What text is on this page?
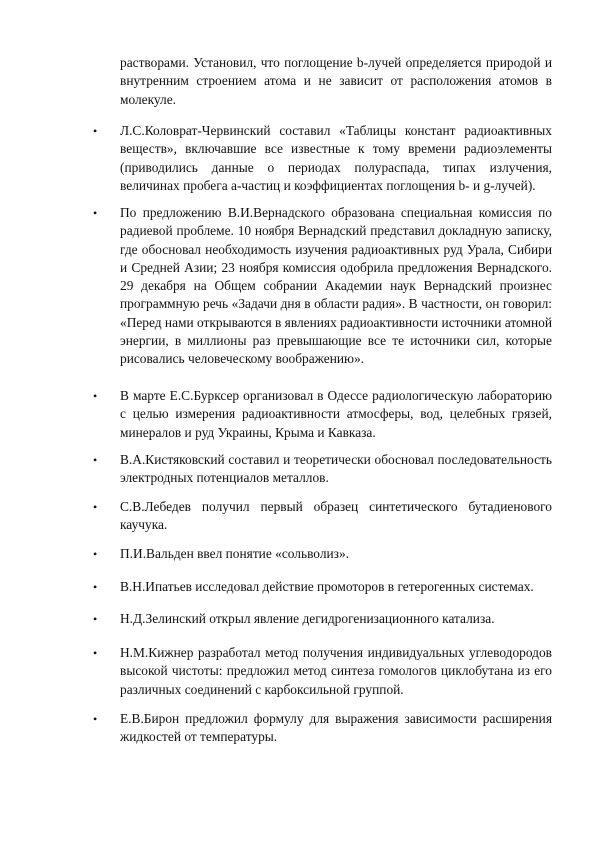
растворами. Установил, что поглощение b-лучей определяется природой и внутренним строением атома и не зависит от расположения атомов в молекуле.
•	Л.С.Коловрат-Червинский составил «Таблицы констант радиоактивных веществ», включавшие все известные к тому времени радиоэлементы (приводились данные о периодах полураспада, типах излучения, величинах пробега а-частиц и коэффициентах поглощения b- и g-лучей).
•	По предложению В.И.Вернадского образована специальная комиссия по радиевой проблеме. 10 ноября Вернадский представил докладную записку, где обосновал необходимость изучения радиоактивных руд Урала, Сибири и Средней Азии; 23 ноября комиссия одобрила предложения Вернадского. 29 декабря на Общем собрании Академии наук Вернадский произнес программную речь «Задачи дня в области радия». В частности, он говорил: «Перед нами открываются в явлениях радиоактивности источники атомной энергии, в миллионы раз превышающие все те источники сил, которые рисовались человеческому воображению».
•	В марте Е.С.Бурксер организовал в Одессе радиологическую лабораторию с целью измерения радиоактивности атмосферы, вод, целебных грязей, минералов и руд Украины, Крыма и Кавказа.
•	В.А.Кистяковский составил и теоретически обосновал последовательность электродных потенциалов металлов.
•	С.В.Лебедев получил первый образец синтетического бутадиенового каучука.
•	П.И.Вальден ввел понятие «сольволиз».
•	В.Н.Ипатьев исследовал действие промоторов в гетерогенных системах.
•	Н.Д.Зелинский открыл явление дегидрогенизационного катализа.
•	Н.М.Кижнер разработал метод получения индивидуальных углеводородов высокой чистоты: предложил метод синтеза гомологов циклобутана из его различных соединений с карбоксильной группой.
•	Е.В.Бирон предложил формулу для выражения зависимости расширения жидкостей от температуры.
